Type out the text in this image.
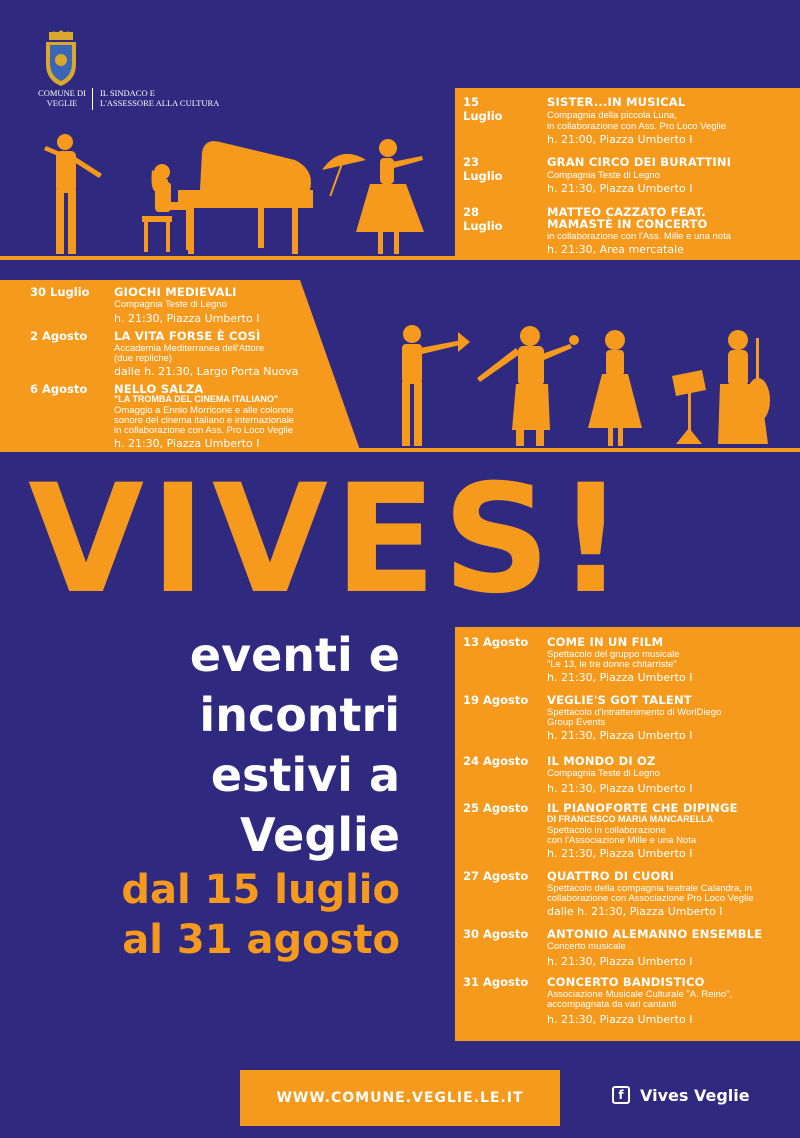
COMUNE DI
VEGLIE
IL SINDACO E
L'ASSESSORE ALLA CULTURA	15 Luglio
SISTER...IN MUSICAL
Compagnia della piccola Luna,
in collaborazione con Ass. Pro Loco Veglie
h. 21:00, Piazza Umberto I
23 Luglio
GRAN CIRCO DEI BURATTINI
Compagnia Teste di Legno
h. 21:30, Piazza Umberto I
28 Luglio
MATTEO CAZZATO FEAT.
MAMASTÈ IN CONCERTO
in collaborazione con l'Ass. Mille e una nota
h. 21:30, Area mercatale
30 Luglio GIOCHI MEDIEVALI
Compagnia Teste di Legno
h. 21:30, Piazza Umberto I
2 Agosto LA VITA FORSE È COSÌ
Accademia Mediterranea dell'Attore
(due repliche)
dalle h. 21:30, Largo Porta Nuova
6 Agosto NELLO SALZA
"LA TROMBA DEL CINEMA ITALIANO"
Omaggio a Ennio Morricone e alle colonne
sonore del cinema italiano e internazionale
in collaborazione con Ass. Pro Loco Veglie
h. 21:30, Piazza Umberto I
VIVES!
eventi e
incontri
estivi a
Veglie
dal 15 luglio
al 31 agosto
13 Agosto COME IN UN FILM
Spettacolo del gruppo musicale
"Le 13, le tre donne chitarriste"
h. 21:30, Piazza Umberto I
19 Agosto VEGLIE'S GOT TALENT
Spettacolo d'intrattenimento di WorlDiego
Group Events
h. 21:30, Piazza Umberto I
24 Agosto IL MONDO DI OZ
Compagnia Teste di Legno
h. 21:30, Piazza Umberto I
25 Agosto IL PIANOFORTE CHE DIPINGE
DI FRANCESCO MARIA MANCARELLA
Spettacolo in collaborazione
con l'Associazione Mille e una Nota
h. 21:30, Piazza Umberto I
27 Agosto QUATTRO DI CUORI
Spettacolo della compagnia teatrale Calandra, in
collaborazione con Associazione Pro Loco Veglie
dalle h. 21:30, Piazza Umberto I
30 Agosto ANTONIO ALEMANNO ENSEMBLE
Concerto musicale
h. 21:30, Piazza Umberto I
31 Agosto CONCERTO BANDISTICO
Associazione Musicale Culturale "A. Reino",
accompagnata da vari cantanti
h. 21:30, Piazza Umberto I
WWW.COMUNE.VEGLIE.LE.IT	f	Vives Veglie
